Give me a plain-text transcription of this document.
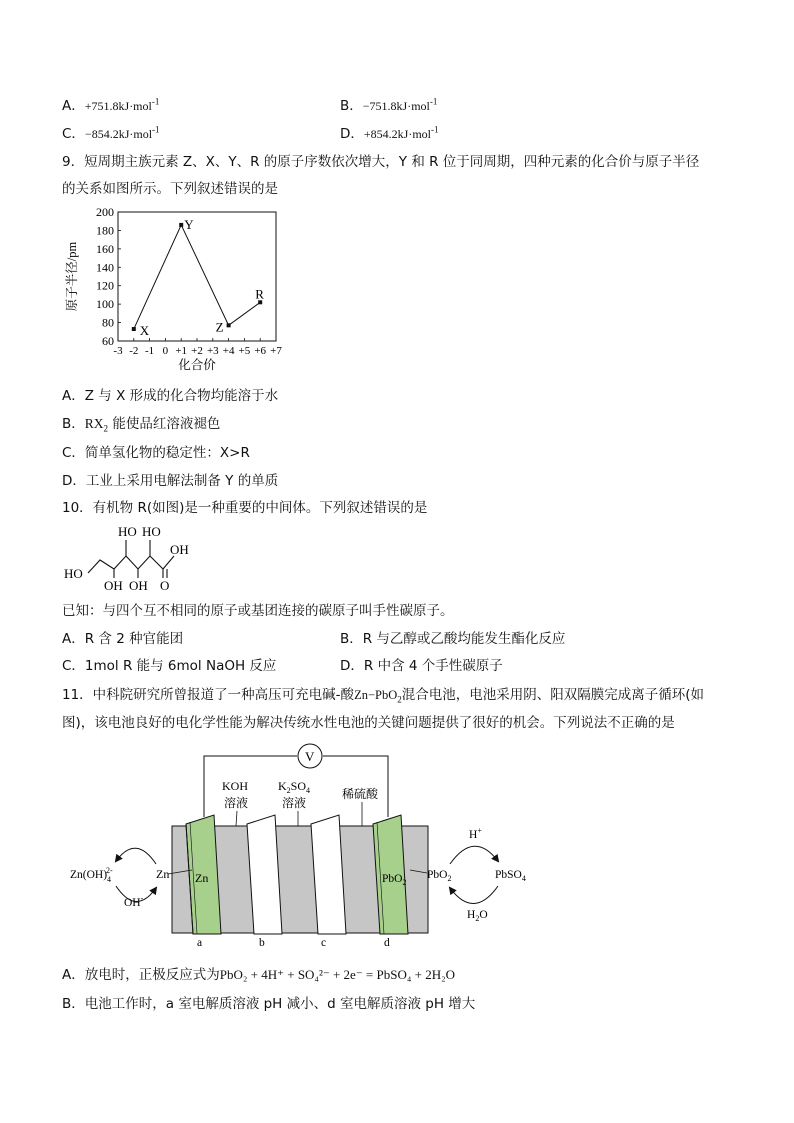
A．+751.8kJ·mol$^{-1}$	B．−751.8kJ·mol$^{-1}$
C．−854.2kJ·mol$^{-1}$	D．+854.2kJ·mol$^{-1}$
9．短周期主族元素 Z、X、Y、R 的原子序数依次增大，Y 和 R 位于同周期，四种元素的化合价与原子半径
的关系如图所示。下列叙述错误的是
60
80
100
120
140
160
180
200
-3 -2 -1 0 +1 +2 +3 +4 +5 +6 +7
X
Y
Z
R
化合价
原子半径/pm
A．Z 与 X 形成的化合物均能溶于水
B．$RX_2$ 能使品红溶液褪色
C．简单氢化物的稳定性：X>R
D．工业上采用电解法制备 Y 的单质
10．有机物 R(如图)是一种重要的中间体。下列叙述错误的是
HO HO
OH
HO
OH OH O
已知：与四个互不相同的原子或基团连接的碳原子叫手性碳原子。
A．R 含 2 种官能团	B．R 与乙醇或乙酸均能发生酯化反应
C．1mol R 能与 6mol NaOH 反应	D．R 中含 4 个手性碳原子
11．中科院研究所曾报道了一种高压可充电碱-酸Zn−PbO$_2$混合电池，电池采用阴、阳双隔膜完成离子循环(如
图)，该电池良好的电化学性能为解决传统水性电池的关键问题提供了很好的机会。下列说法不正确的是
V
KOH
溶液
$K_2SO_4$
溶液
稀硫酸
Zn	PbO$_2$
$Zn(OH)_42-$	Zn
OH-
PbO$_2$	PbSO$_4$
H+
$H_2O$
a	b	c	d
A．放电时，正极反应式为PbO₂ + 4H⁺ + SO₄²⁻ + 2e⁻ = PbSO₄ + 2H₂O
B．电池工作时，a 室电解质溶液 pH 减小、d 室电解质溶液 pH 增大
